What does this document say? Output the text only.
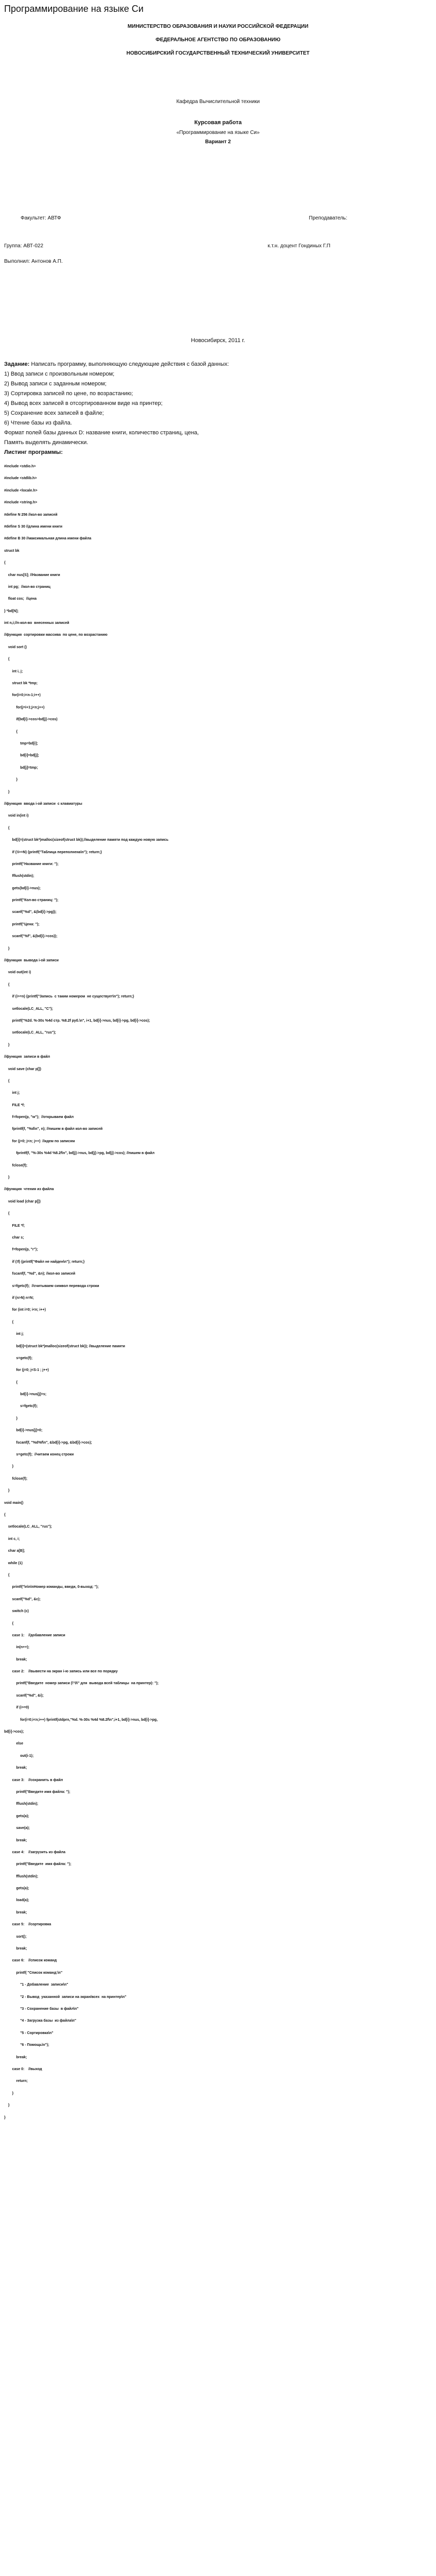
Программирование на языке Си
МИНИСТЕРСТВО ОБРАЗОВАНИЯ И НАУКИ РОССИЙСКОЙ ФЕДЕРАЦИИ
ФЕДЕРАЛЬНОЕ АГЕНТСТВО ПО ОБРАЗОВАНИЮ
НОВОСИБИРСКИЙ ГОСУДАРСТВЕННЫЙ ТЕХНИЧЕСКИЙ УНИВЕРСИТЕТ
Кафедра Вычислительной техники
Курсовая работа
«Программирование на языке Си»
Вариант 2
Факультет: АВТФ	Преподаватель:
Группа: АВТ-022	к.т.н. доцент Гондиных Г.П
Выполнил: Антонов А.П.
Новосибирск, 2011 г.
Задание: Написать программу, выполняющую следующие действия с базой данных:
1) Ввод записи с произвольным номером;
2) Вывод записи с заданным номером;
3) Сортировка записей по цене, по возрастанию;
4) Вывод всех записей в отсортированном виде на принтер;
5) Сохранение всех записей в файле;
6) Чтение базы из файла.
Формат полей базы данных D: название книги, количество страниц, цена,
Память выделять динамически.
Листинг программы:
#include <stdio.h>
#include <stdlib.h>
#include <locale.h>
#include <string.h>
#define N 256 //кол-во записей
#define S 30 //длина имени книги
#define B 30 //максимальная длина имени файла
struct bk
{
char nus[S]; //Название книги
int pg;  //кол-во страниц
float cos;  //цена
} *bd[N];
int n,i;//n-кол-во  внесенных записей
//функция  сортировки массива  по цене, по возрастанию
void sort ()
{
int i, j;
struct bk *tmp;
for(i=0;i<n-1;i++)
for(j=i+1;j<n;j++)
if(bd[i]->cos>bd[j]->cos)
{
tmp=bd[i];
bd[i]=bd[j];
bd[j]=tmp;
}
}
//функция  ввода i-ой записи  с клавиатуры
void in(int i)
{
bd[i]=(struct bk*)malloc(sizeof(struct bk));//выделение памяти под каждую новую запись
if (!i>=N) {printf("Таблица переполнена\n"); return;}
printf("Название книги: ");
fflush(stdin);
gets(bd[i]->nus);
printf("Кол-во страниц: ");
scanf("%d", &(bd[i]->pg));
printf("Цена: ");
scanf("%f", &(bd[i]->cos));
}
//функция  вывода i-ой записи
void out(int i)
{
if (i>=n) {printf("Запись  с таким номером  не существует\n"); return;}
setlocale(LC_ALL, "C");
printf("%2d. %-30s %4d стр. %8.2f руб.\n", i+1, bd[i]->nus, bd[i]->pg, bd[i]->cos);
setlocale(LC_ALL, "rus");
}
//функция  записи в файл
void save (char p[])
{
int j;
FILE *f;
f=fopen(p, "w");  //открываем файл
fprintf(f, "%d\n", n); //пишем в файл кол-во записей
for (j=0; j<n; j++)  //идем по записям
fprintf(f, "%-30s %4d %8.2f\n", bd[j]->nus, bd[j]->pg, bd[j]->cos); //пишем в файл
fclose(f);
}
//функция  чтения из файла
void load (char p[])
{
FILE *f;
char s;
f=fopen(p, "r");
if (!f) {printf("Файл не найден\n"); return;}
fscanf(f, "%d", &n); //кол-во записей
s=fgetc(f);  //считываем символ перевода строки
if (n>N) n=N;
for (int i=0; i<n; i++)
{
int j;
bd[i]=(struct bk*)malloc(sizeof(struct bk)); //выделение памяти
s=getc(f);
for (j=0; j<S-1 ; j++)
{
bd[i]->nus[j]=s;
s=fgetc(f);
}
bd[i]->nus[j]=0;
fscanf(f, "%d%f\n", &bd[i]->pg, &bd[i]->cos);
s=getc(f);  //читаем конец строки
}
fclose(f);
}
void main()
{
setlocale(LC_ALL, "rus");
int c, i;
char a[B];
while (1)
{
printf("\n\n\nНомер команды, введи, 0-выход: ");
scanf("%d", &c);
switch (c)
{
case 1:    //добавление записи
in(n++);
break;
case 2:    //вывести на экран i-ю запись или все по порядку
printf("Введите  номер записи (\"0\" для  вывода всей таблицы  на принтер): ");
scanf("%d", &i);
if (i>=0)
for(i=0;i<n;i++) fprintf(stdprn,"%d. %-30s %4d %8.2f\n",i+1, bd[i]->nus, bd[i]->pg,
bd[i]->cos);
else
out(i-1);
break;
case 3:    //сохранить в файл
printf("Введите имя файла: ");
fflush(stdin);
gets(a);
save(a);
break;
case 4:    //загрузить из файла
printf("Введите  имя файла: ");
fflush(stdin);
gets(a);
load(a);
break;
case 5:    //сортировка
sort();
break;
case 6:    //список команд
printf( "Список команд:\n"
"1 - Добавление  записи\n"
"2 - Вывод  указанной  записи на экран/всех  на принтер\n"
"3 - Сохранение базы  в файл\n"
"4 - Загрузка базы  из файла\n"
"5 - Сортировка\n"
"6 - Помощь\n");
break;
case 0:    //выход
return;
}
}
}
